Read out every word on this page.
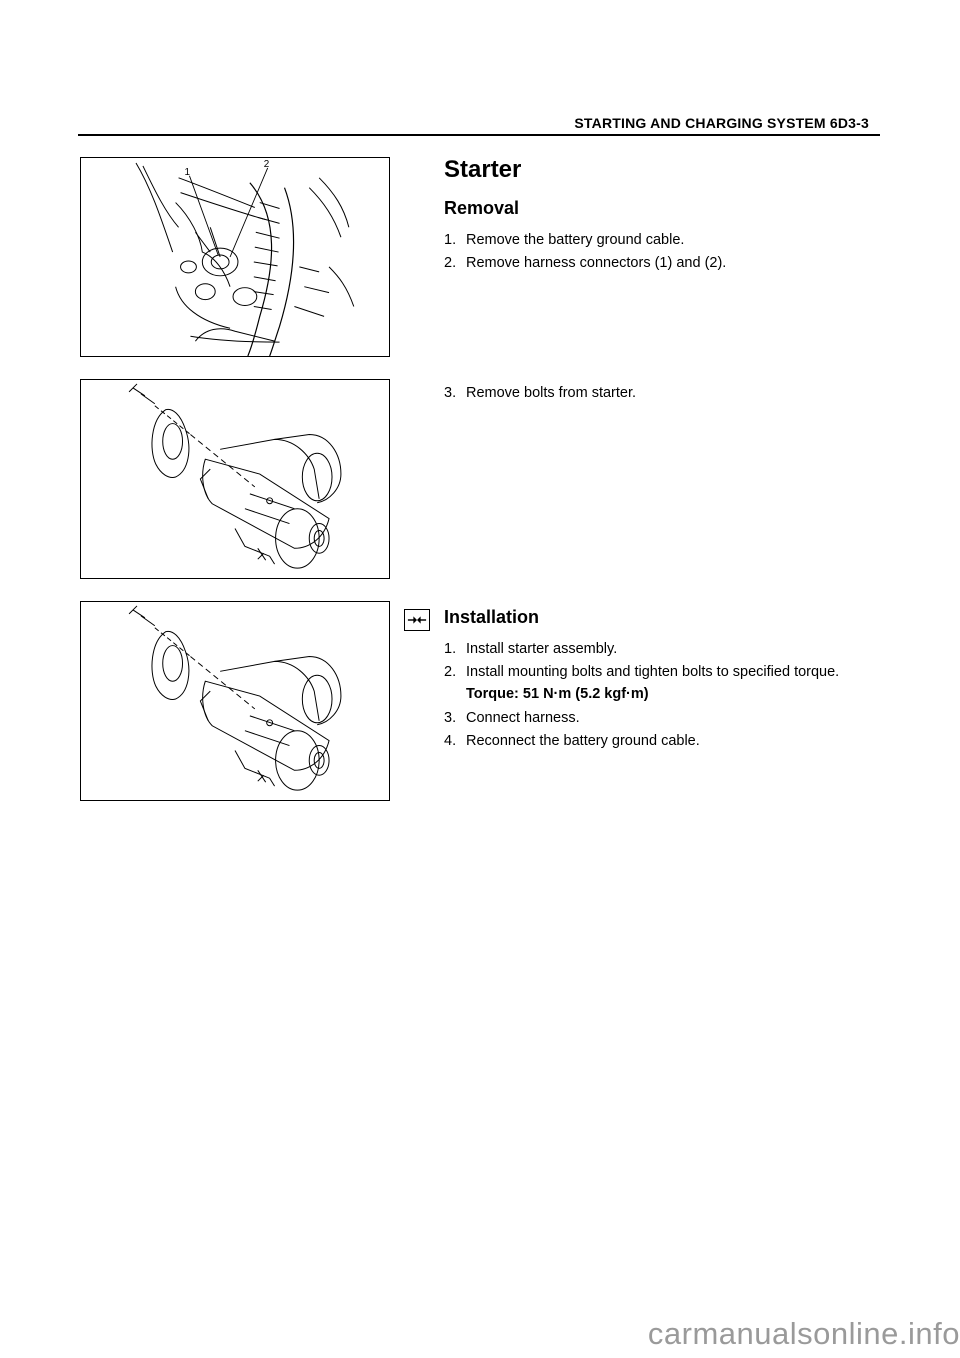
STARTING AND CHARGING SYSTEM 6D3-3
1
2	Starter
Removal
1. Remove the battery ground cable.
2. Remove harness connectors (1) and (2).
3. Remove bolts from starter.
Installation
1. Install starter assembly.
2. Install mounting bolts and tighten bolts to specified torque.
Torque: 51 N·m (5.2 kgf·m)
3. Connect harness.
4. Reconnect the battery ground cable.
carmanualsonline.info
